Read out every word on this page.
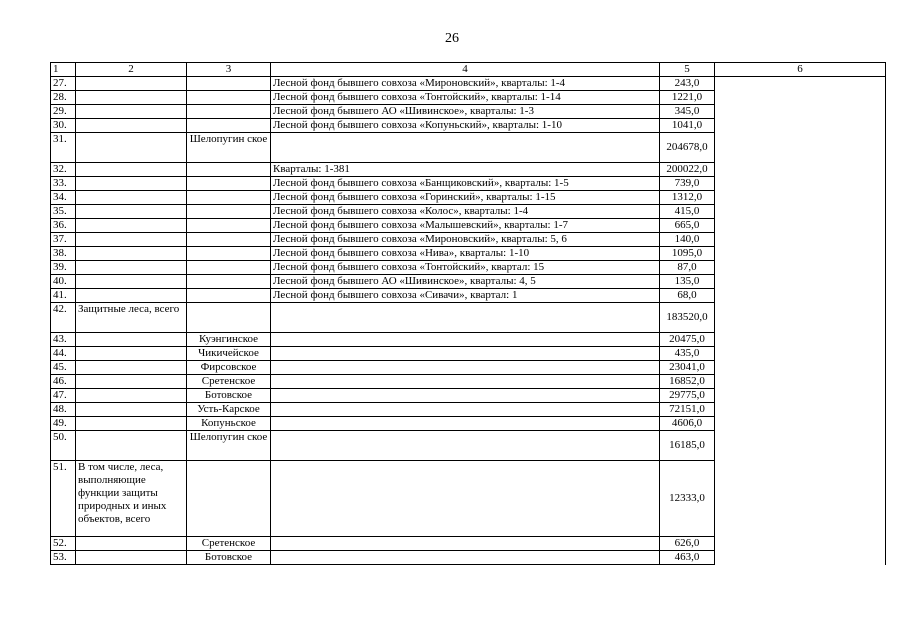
26
1	2	3	4	5	6
27.			Лесной фонд бывшего совхоза «Мироновский», кварталы: 1-4	243,0	
28.			Лесной фонд бывшего совхоза «Тонтойский», кварталы: 1-14	1221,0	
29.			Лесной фонд бывшего АО «Шивинское», кварталы: 1-3	345,0	
30.			Лесной фонд бывшего совхоза «Копуньский», кварталы: 1-10	1041,0	
31.		Шелопугин ское		204678,0	
32.			Кварталы: 1-381	200022,0	
33.			Лесной фонд бывшего совхоза «Банщиковский», кварталы: 1-5	739,0	
34.			Лесной фонд бывшего совхоза «Горинский», кварталы: 1-15	1312,0	
35.			Лесной фонд бывшего совхоза «Колос», кварталы: 1-4	415,0	
36.			Лесной фонд бывшего совхоза «Малышевский», кварталы: 1-7	665,0	
37.			Лесной фонд бывшего совхоза «Мироновский», кварталы: 5, 6	140,0	
38.			Лесной фонд бывшего совхоза «Нива», кварталы: 1-10	1095,0	
39.			Лесной фонд бывшего совхоза «Тонтойский», квартал: 15	87,0	
40.			Лесной фонд бывшего АО «Шивинское», кварталы: 4, 5	135,0	
41.			Лесной фонд бывшего совхоза «Сивачи», квартал: 1	68,0	
42.	Защитные леса, всего			183520,0	
43.		Куэнгинское		20475,0	
44.		Чикичейское		435,0	
45.		Фирсовское		23041,0	
46.		Сретенское		16852,0	
47.		Ботовское		29775,0	
48.		Усть-Карское		72151,0	
49.		Копуньское		4606,0	
50.		Шелопугин ское		16185,0	
51.	В том числе, леса, выполняющие функции защиты природных и иных объектов, всего			12333,0	
52.		Сретенское		626,0	
53.		Ботовское		463,0	
